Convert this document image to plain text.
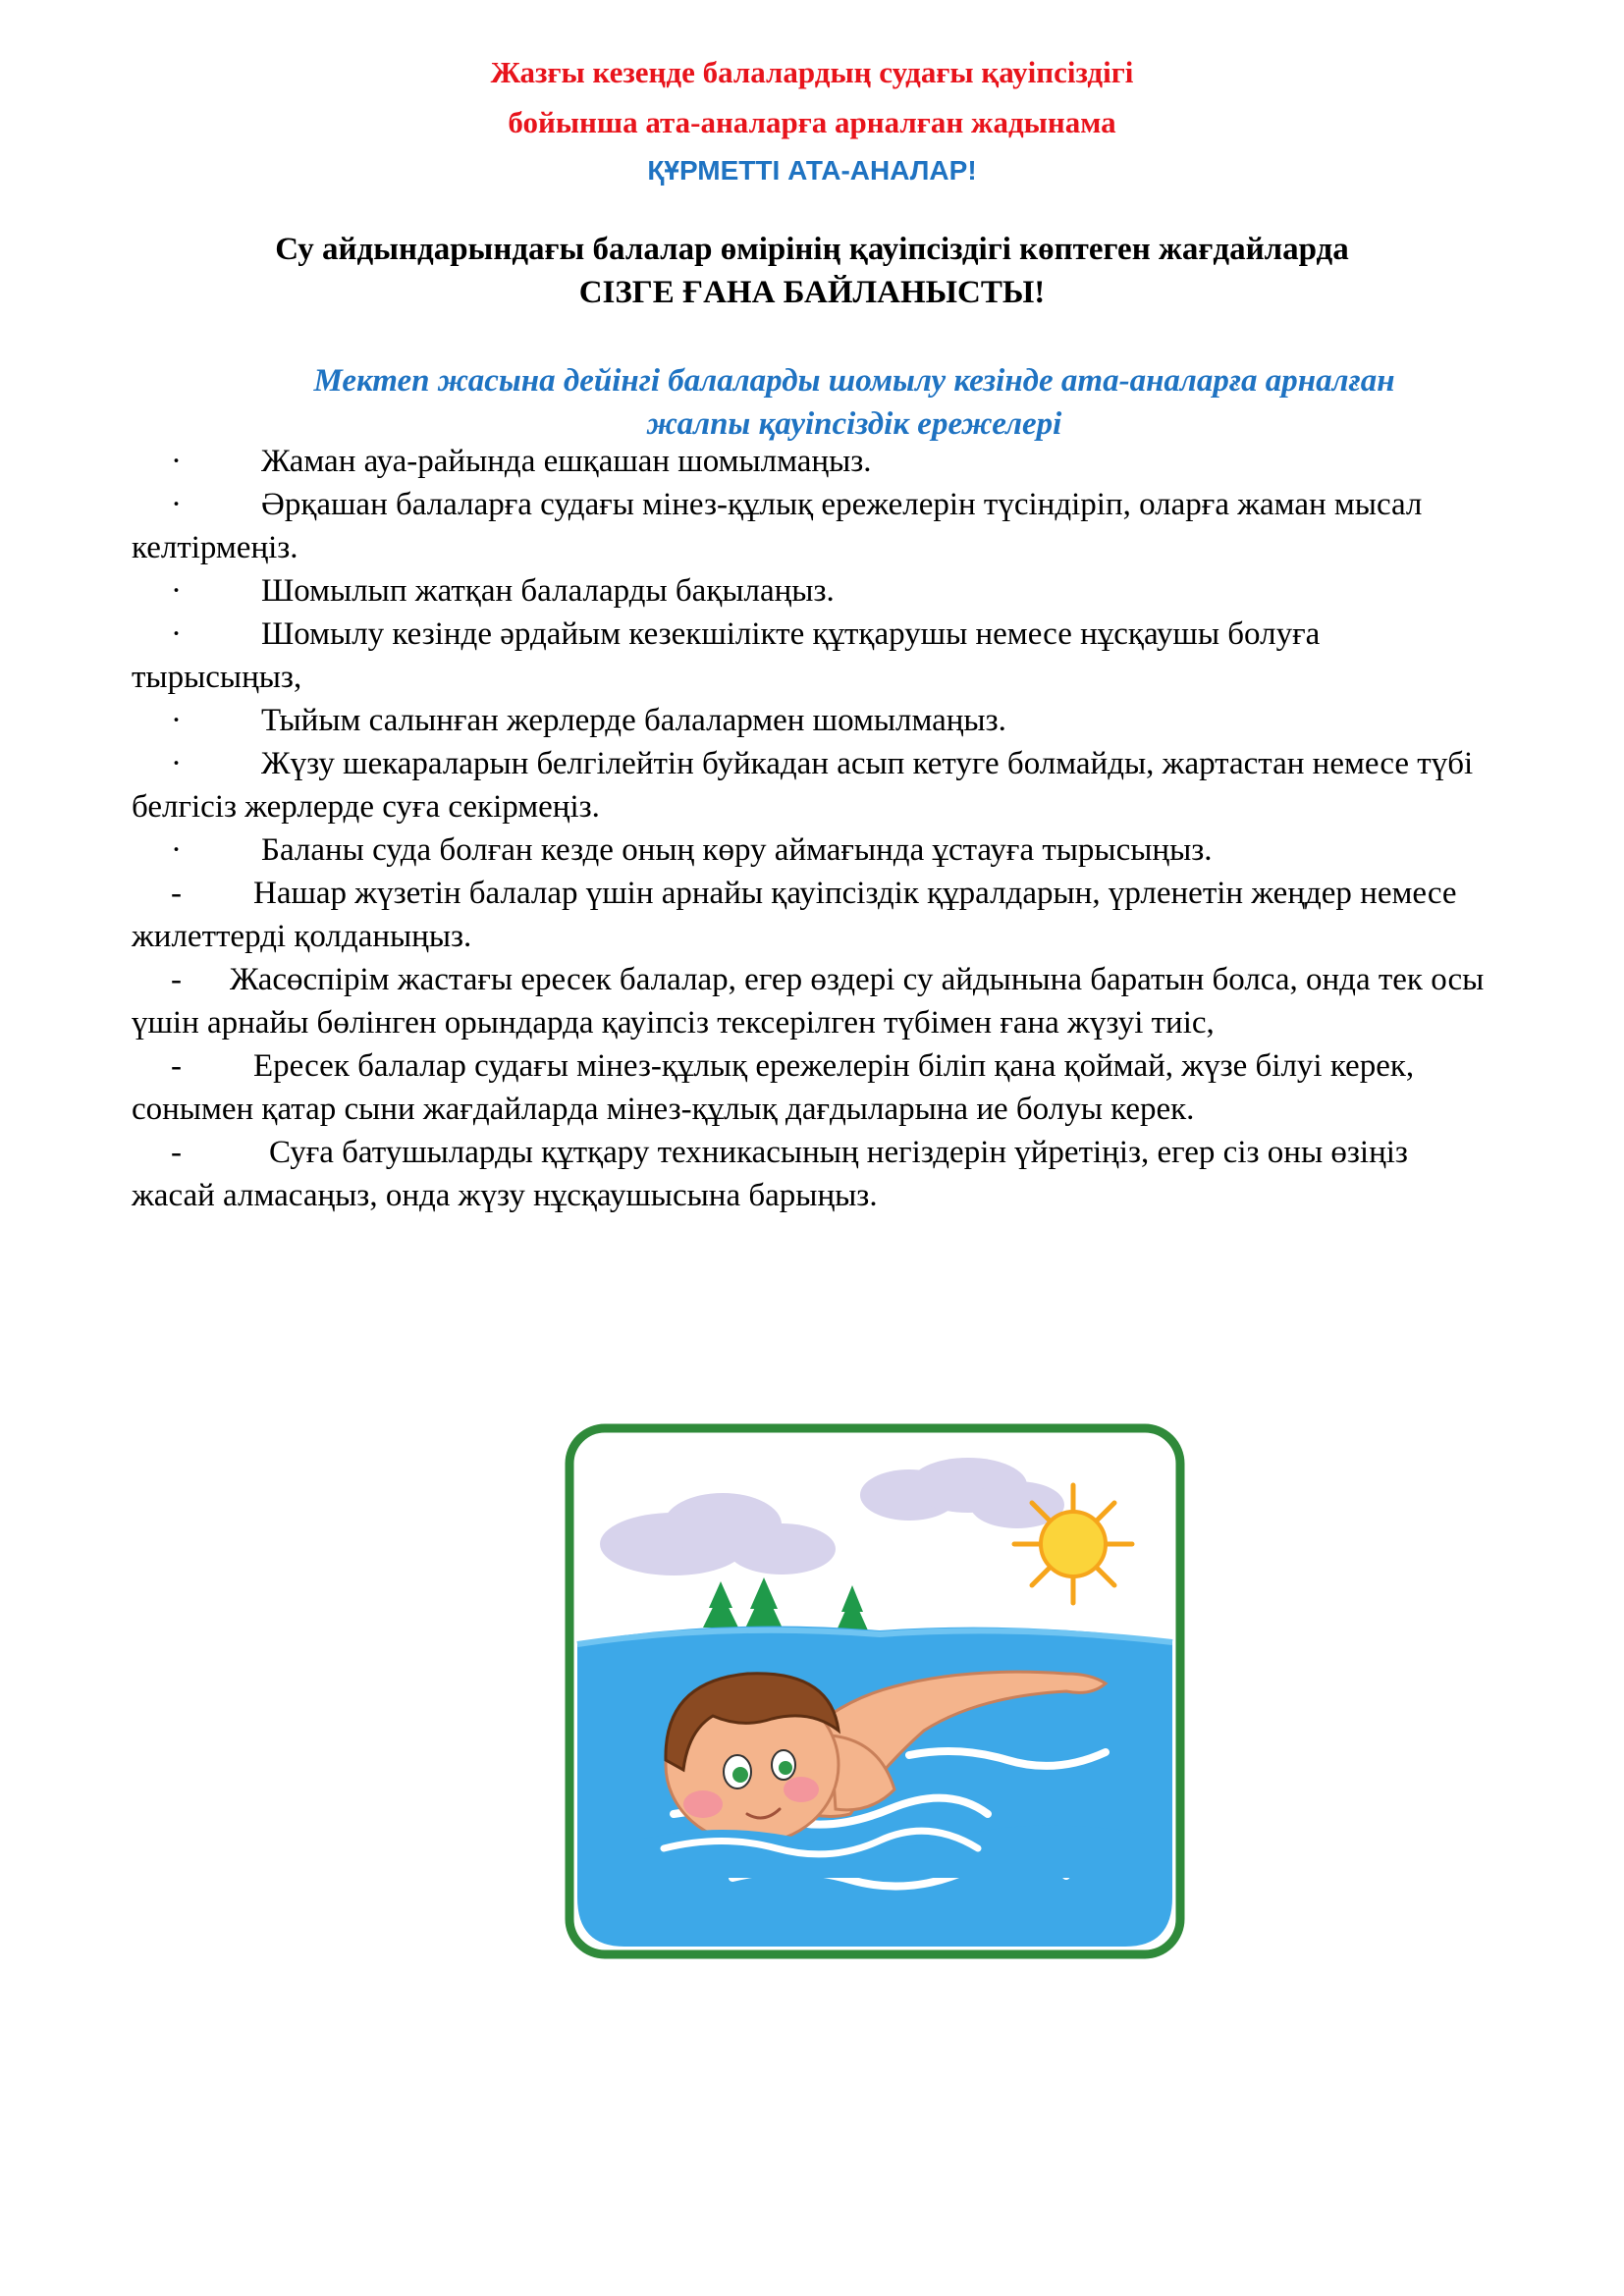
Жазғы кезеңде балалардың судағы қауіпсіздігі

бойынша ата-аналарға арналған жадынама

ҚҰРМЕТТІ АТА-АНАЛАР!

Су айдындарындағы балалар өмірінің қауіпсіздігі көптеген жағдайларда

СІЗГЕ ҒАНА БАЙЛАНЫСТЫ!

Мектеп жасына дейінгі балаларды шомылу кезінде ата-аналарға арналған

жалпы қауіпсіздік ережелері

· Жаман ауа-райында ешқашан шомылмаңыз.
· Әрқашан балаларға судағы мінез-құлық ережелерін түсіндіріп, оларға жаман мысал келтірмеңіз.
· Шомылып жатқан балаларды бақылаңыз.
· Шомылу кезінде әрдайым кезекшілікте құтқарушы немесе нұсқаушы болуға тырысыңыз,
· Тыйым салынған жерлерде балалармен шомылмаңыз.
· Жүзу шекараларын белгілейтін буйкадан асып кетуге болмайды, жартастан немесе түбі белгісіз жерлерде суға секірмеңіз.
· Баланы суда болған кезде оның көру аймағында ұстауға тырысыңыз.
- Нашар жүзетін балалар үшін арнайы қауіпсіздік құралдарын, үрленетін жеңдер немесе жилеттерді қолданыңыз.
- Жасөспірім жастағы ересек балалар, егер өздері су айдынына баратын болса, онда тек осы үшін арнайы бөлінген орындарда қауіпсіз тексерілген түбімен ғана жүзуі тиіс,
- Ересек балалар судағы мінез-құлық ережелерін біліп қана қоймай, жүзе білуі керек, сонымен қатар сыни жағдайларда мінез-құлық дағдыларына ие болуы керек.
-	Суға батушыларды құтқару техникасының негіздерін үйретіңіз, егер сіз оны өзіңіз жасай алмасаңыз, онда жүзу нұсқаушысына барыңыз.
